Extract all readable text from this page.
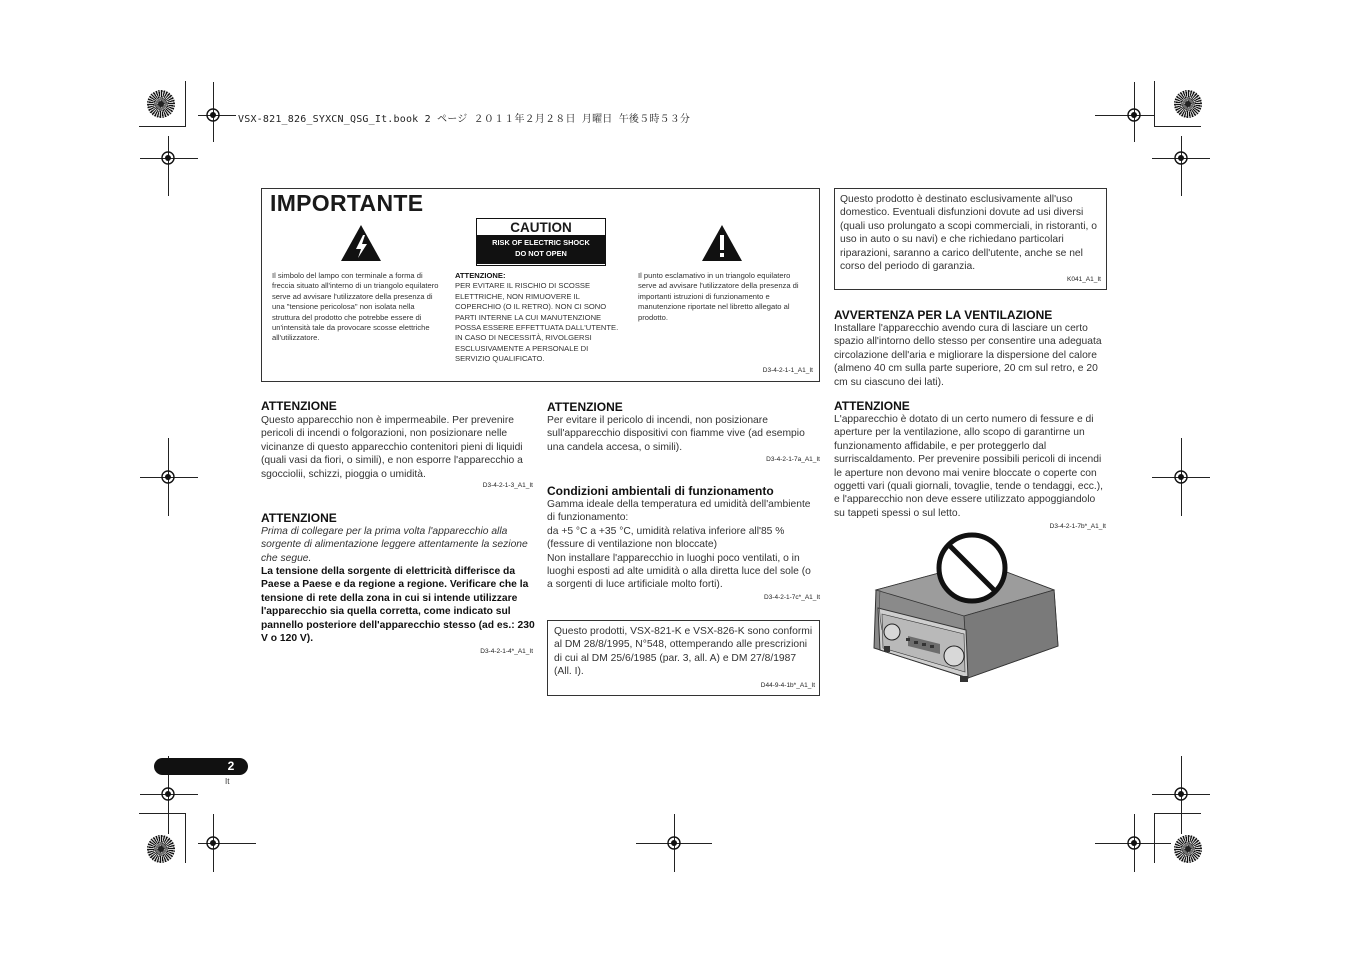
VSX-821_826_SYXCN_QSG_It.book 2 ページ ２０１１年２月２８日 月曜日 午後５時５３分
IMPORTANTE
Il simbolo del lampo con terminale a forma di freccia situato all'interno di un triangolo equilatero serve ad avvisare l'utilizzatore della presenza di una "tensione pericolosa" non isolata nella struttura del prodotto che potrebbe essere di un'intensità tale da provocare scosse elettriche all'utilizzatore.
CAUTION
RISK OF ELECTRIC SHOCK
DO NOT OPEN
ATTENZIONE:
PER EVITARE IL RISCHIO DI SCOSSE ELETTRICHE, NON RIMUOVERE IL COPERCHIO (O IL RETRO). NON CI SONO PARTI INTERNE LA CUI MANUTENZIONE POSSA ESSERE EFFETTUATA DALL'UTENTE. IN CASO DI NECESSITÀ, RIVOLGERSI ESCLUSIVAMENTE A PERSONALE DI SERVIZIO QUALIFICATO.
Il punto esclamativo in un triangolo equilatero serve ad avvisare l'utilizzatore della presenza di importanti istruzioni di funzionamento e manutenzione riportate nel libretto allegato al prodotto.
D3-4-2-1-1_A1_It
ATTENZIONE
Questo apparecchio non è impermeabile. Per prevenire pericoli di incendi o folgorazioni, non posizionare nelle vicinanze di questo apparecchio contenitori pieni di liquidi (quali vasi da fiori, o simili), e non esporre l'apparecchio a sgocciolii, schizzi, pioggia o umidità.
D3-4-2-1-3_A1_It
ATTENZIONE
Prima di collegare per la prima volta l'apparecchio alla sorgente di alimentazione leggere attentamente la sezione che segue.
La tensione della sorgente di elettricità differisce da Paese a Paese e da regione a regione. Verificare che la tensione di rete della zona in cui si intende utilizzare l'apparecchio sia quella corretta, come indicato sul pannello posteriore dell'apparecchio stesso (ad es.: 230 V o 120 V).
D3-4-2-1-4*_A1_It
ATTENZIONE
Per evitare il pericolo di incendi, non posizionare sull'apparecchio dispositivi con fiamme vive (ad esempio una candela accesa, o simili).
D3-4-2-1-7a_A1_It
Condizioni ambientali di funzionamento
Gamma ideale della temperatura ed umidità dell'ambiente di funzionamento:
da +5 °C a +35 °C, umidità relativa inferiore all'85 % (fessure di ventilazione non bloccate)
Non installare l'apparecchio in luoghi poco ventilati, o in luoghi esposti ad alte umidità o alla diretta luce del sole (o a sorgenti di luce artificiale molto forti).
D3-4-2-1-7c*_A1_It
Questo prodotti, VSX-821-K e VSX-826-K sono conformi al DM 28/8/1995, N°548, ottemperando alle prescrizioni di cui al DM 25/6/1985 (par. 3, all. A) e DM 27/8/1987 (All. I).
D44-9-4-1b*_A1_It
Questo prodotto è destinato esclusivamente all'uso domestico. Eventuali disfunzioni dovute ad usi diversi (quali uso prolungato a scopi commerciali, in ristoranti, o uso in auto o su navi) e che richiedano particolari riparazioni, saranno a carico dell'utente, anche se nel corso del periodo di garanzia.
K041_A1_It
AVVERTENZA PER LA VENTILAZIONE
Installare l'apparecchio avendo cura di lasciare un certo spazio all'intorno dello stesso per consentire una adeguata circolazione dell'aria e migliorare la dispersione del calore (almeno 40 cm sulla parte superiore, 20 cm sul retro, e 20 cm su ciascuno dei lati).
ATTENZIONE
L'apparecchio è dotato di un certo numero di fessure e di aperture per la ventilazione, allo scopo di garantirne un funzionamento affidabile, e per proteggerlo dal surriscaldamento. Per prevenire possibili pericoli di incendi le aperture non devono mai venire bloccate o coperte con oggetti vari (quali giornali, tovaglie, tende o tendaggi, ecc.), e l'apparecchio non deve essere utilizzato appoggiandolo su tappeti spessi o sul letto.
D3-4-2-1-7b*_A1_It
2
It
